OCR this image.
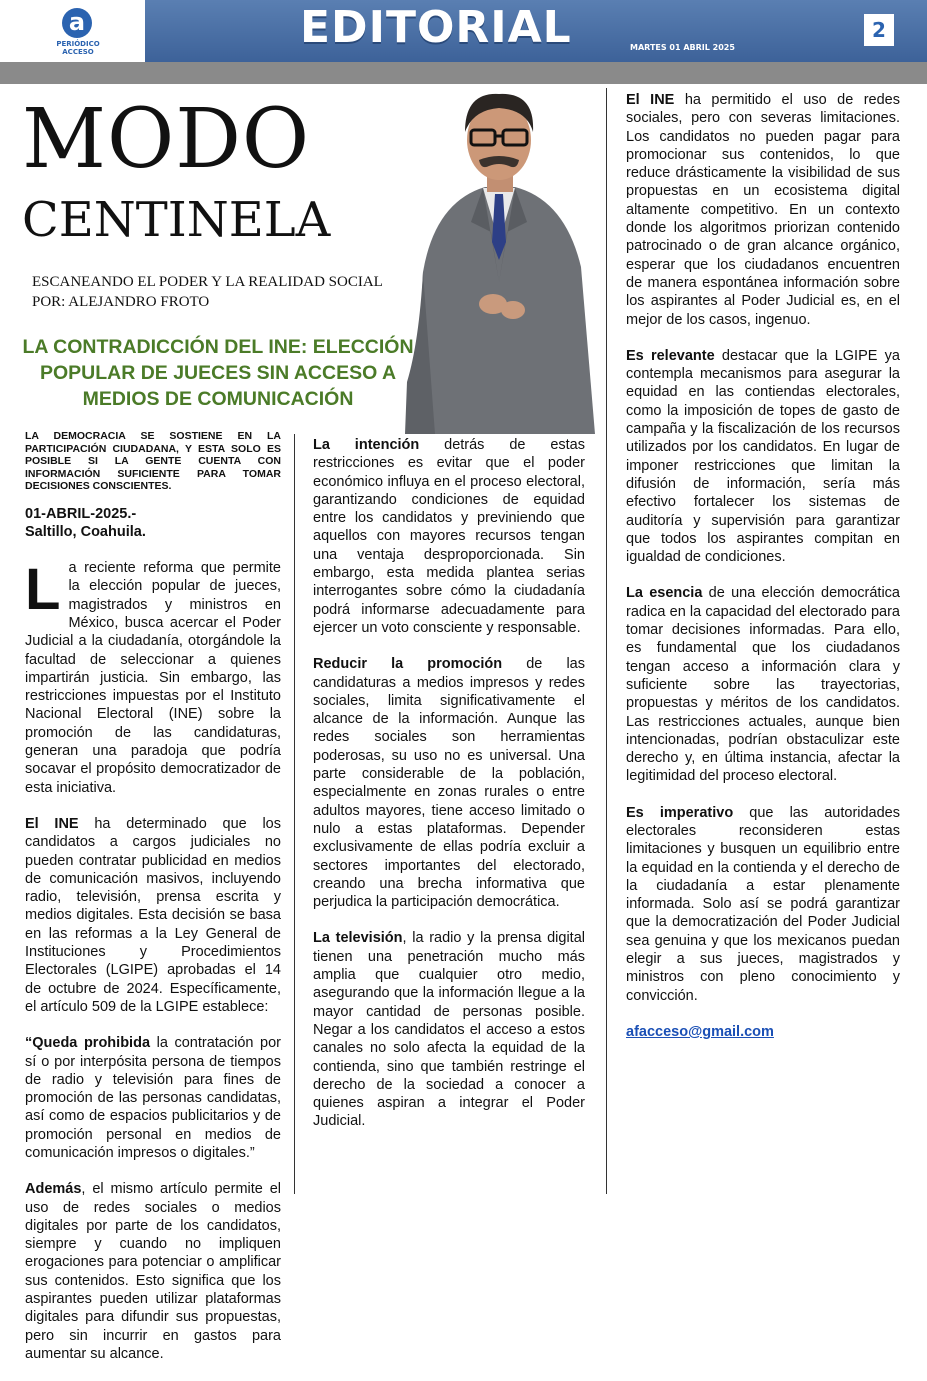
a
PERIÓDICO
ACCESO	EDITORIAL	MARTES 01 ABRIL 2025
2
MODO
CENTINELA
ESCANEANDO EL PODER Y LA REALIDAD SOCIAL
POR: ALEJANDRO FROTO
LA CONTRADICCIÓN DEL INE: ELECCIÓN
POPULAR DE JUECES SIN ACCESO A
MEDIOS DE COMUNICACIÓN

LA DEMOCRACIA SE SOSTIENE EN LA PARTICIPACIÓN CIUDADANA, Y ESTA SOLO ES POSIBLE SI LA GENTE CUENTA CON INFORMACIÓN SUFICIENTE PARA TOMAR DECISIONES CONSCIENTES.

01-ABRIL-2025.-
Saltillo, Coahuila.

La reciente reforma que permite la elección popular de jueces, magistrados y ministros en México, busca acercar el Poder Judicial a la ciudadanía, otorgándole la facultad de seleccionar a quienes impartirán justicia. Sin embargo, las restricciones impuestas por el Instituto Nacional Electoral (INE) sobre la promoción de las candidaturas, generan una paradoja que podría socavar el propósito democratizador de esta iniciativa.

El INE ha determinado que los candidatos a cargos judiciales no pueden contratar publicidad en medios de comunicación masivos, incluyendo radio, televisión, prensa escrita y medios digitales. Esta decisión se basa en las reformas a la Ley General de Instituciones y Procedimientos Electorales (LGIPE) aprobadas el 14 de octubre de 2024. Específicamente, el artículo 509 de la LGIPE establece:

“Queda prohibida la contratación por sí o por interpósita persona de tiempos de radio y televisión para fines de promoción de las personas candidatas, así como de espacios publicitarios y de promoción personal en medios de comunicación impresos o digitales.”

Además, el mismo artículo permite el uso de redes sociales o medios digitales por parte de los candidatos, siempre y cuando no impliquen erogaciones para potenciar o amplificar sus contenidos. Esto significa que los aspirantes pueden utilizar plataformas digitales para difundir sus propuestas, pero sin incurrir en gastos para aumentar su alcance.

La intención detrás de estas restricciones es evitar que el poder económico influya en el proceso electoral, garantizando condiciones de equidad entre los candidatos y previniendo que aquellos con mayores recursos tengan una ventaja desproporcionada. Sin embargo, esta medida plantea serias interrogantes sobre cómo la ciudadanía podrá informarse adecuadamente para ejercer un voto consciente y responsable.

Reducir la promoción de las candidaturas a medios impresos y redes sociales, limita significativamente el alcance de la información. Aunque las redes sociales son herramientas poderosas, su uso no es universal. Una parte considerable de la población, especialmente en zonas rurales o entre adultos mayores, tiene acceso limitado o nulo a estas plataformas. Depender exclusivamente de ellas podría excluir a sectores importantes del electorado, creando una brecha informativa que perjudica la participación democrática.

La televisión, la radio y la prensa digital tienen una penetración mucho más amplia que cualquier otro medio, asegurando que la información llegue a la mayor cantidad de personas posible. Negar a los candidatos el acceso a estos canales no solo afecta la equidad de la contienda, sino que también restringe el derecho de la sociedad a conocer a quienes aspiran a integrar el Poder Judicial.

El INE ha permitido el uso de redes sociales, pero con severas limitaciones. Los candidatos no pueden pagar para promocionar sus contenidos, lo que reduce drásticamente la visibilidad de sus propuestas en un ecosistema digital altamente competitivo. En un contexto donde los algoritmos priorizan contenido patrocinado o de gran alcance orgánico, esperar que los ciudadanos encuentren de manera espontánea información sobre los aspirantes al Poder Judicial es, en el mejor de los casos, ingenuo.

Es relevante destacar que la LGIPE ya contempla mecanismos para asegurar la equidad en las contiendas electorales, como la imposición de topes de gasto de campaña y la fiscalización de los recursos utilizados por los candidatos. En lugar de imponer restricciones que limitan la difusión de información, sería más efectivo fortalecer los sistemas de auditoría y supervisión para garantizar que todos los aspirantes compitan en igualdad de condiciones.

La esencia de una elección democrática radica en la capacidad del electorado para tomar decisiones informadas. Para ello, es fundamental que los ciudadanos tengan acceso a información clara y suficiente sobre las trayectorias, propuestas y méritos de los candidatos. Las restricciones actuales, aunque bien intencionadas, podrían obstaculizar este derecho y, en última instancia, afectar la legitimidad del proceso electoral.

Es imperativo que las autoridades electorales reconsideren estas limitaciones y busquen un equilibrio entre la equidad en la contienda y el derecho de la ciudadanía a estar plenamente informada. Solo así se podrá garantizar que la democratización del Poder Judicial sea genuina y que los mexicanos puedan elegir a sus jueces, magistrados y ministros con pleno conocimiento y convicción.

afacceso@gmail.com
